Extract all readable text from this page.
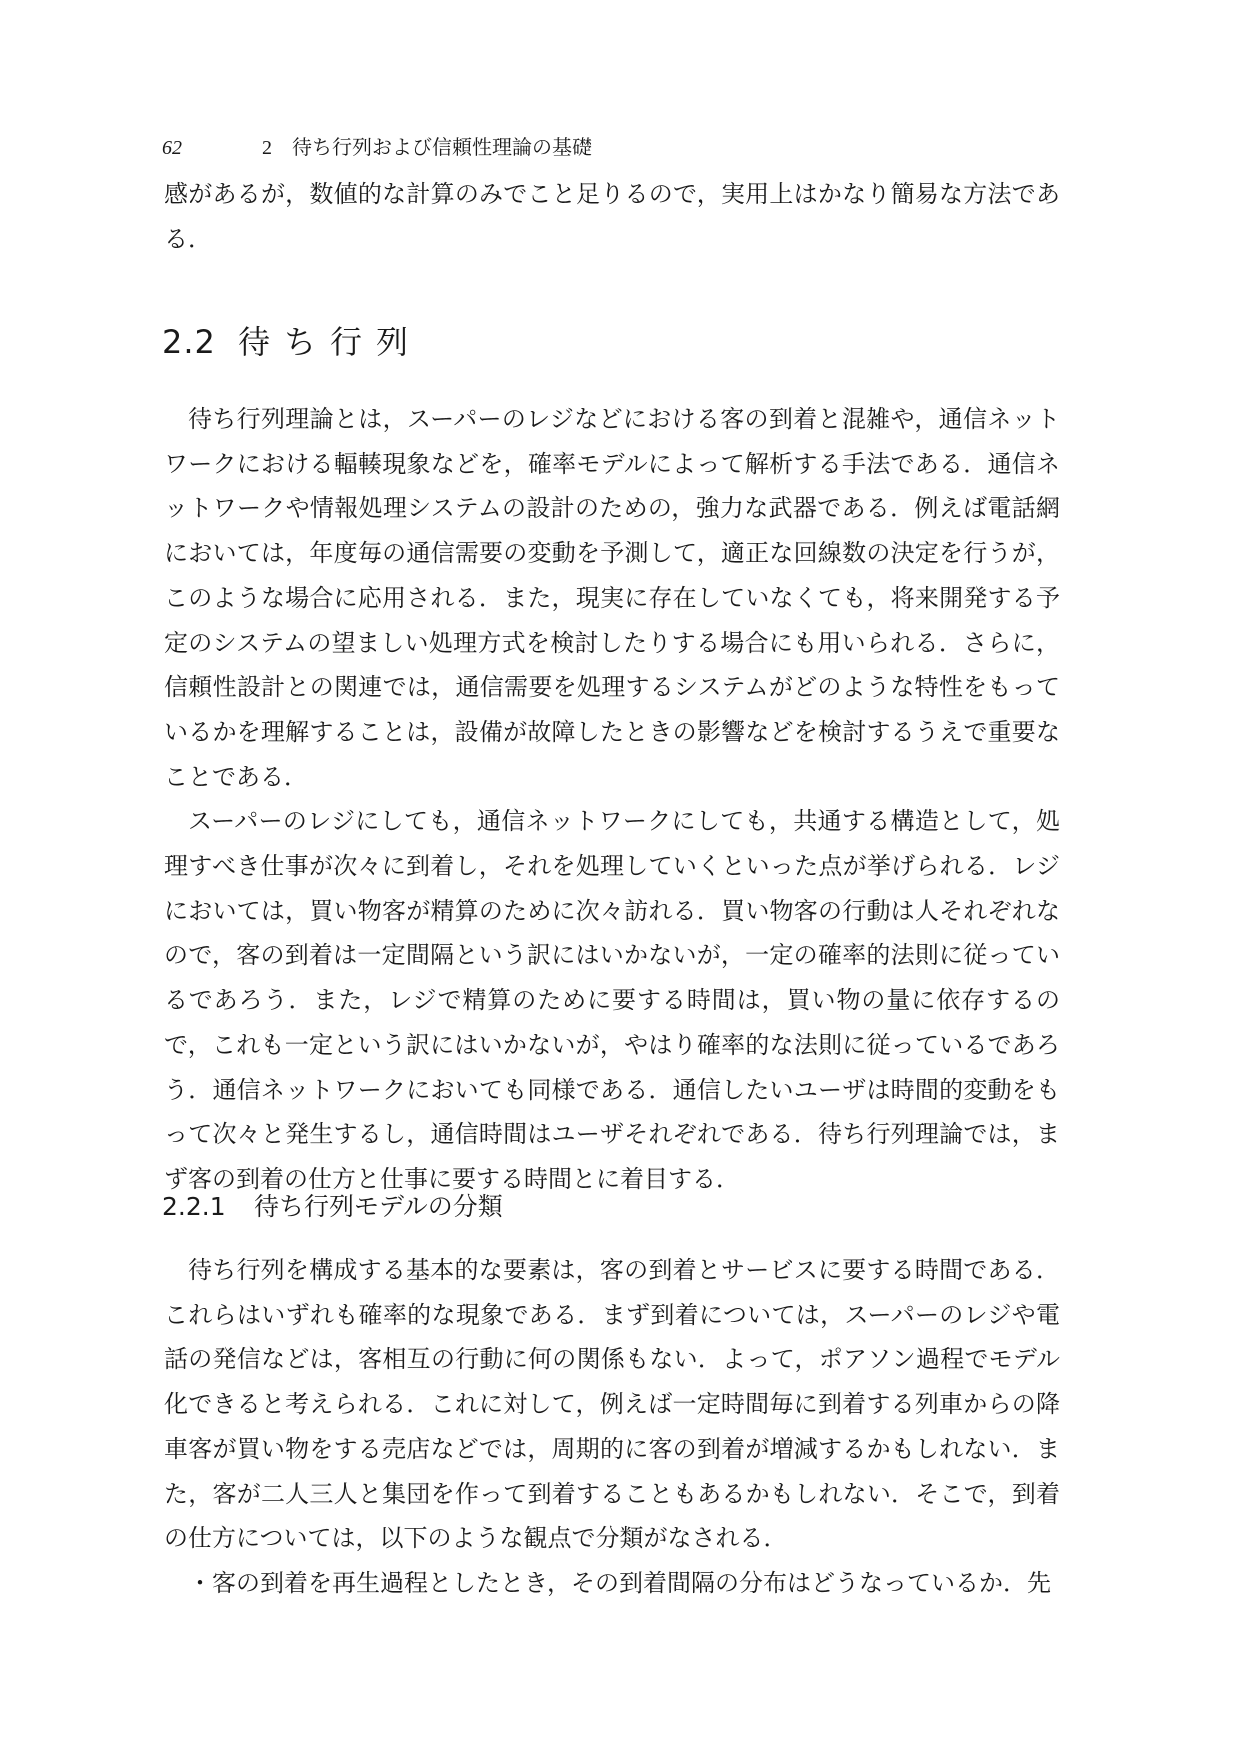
62	2 待ち行列および信頼性理論の基礎

感があるが，数値的な計算のみでこと足りるので，実用上はかなり簡易な方法である．

2.2 待ち行列

待ち行列理論とは，スーパーのレジなどにおける客の到着と混雑や，通信ネットワークにおける輻輳現象などを，確率モデルによって解析する手法である．通信ネットワークや情報処理システムの設計のための，強力な武器である．例えば電話網においては，年度毎の通信需要の変動を予測して，適正な回線数の決定を行うが，このような場合に応用される．また，現実に存在していなくても，将来開発する予定のシステムの望ましい処理方式を検討したりする場合にも用いられる．さらに，信頼性設計との関連では，通信需要を処理するシステムがどのような特性をもっているかを理解することは，設備が故障したときの影響などを検討するうえで重要なことである．

スーパーのレジにしても，通信ネットワークにしても，共通する構造として，処理すべき仕事が次々に到着し，それを処理していくといった点が挙げられる．レジにおいては，買い物客が精算のために次々訪れる．買い物客の行動は人それぞれなので，客の到着は一定間隔という訳にはいかないが，一定の確率的法則に従っているであろう．また，レジで精算のために要する時間は，買い物の量に依存するので，これも一定という訳にはいかないが，やはり確率的な法則に従っているであろう．通信ネットワークにおいても同様である．通信したいユーザは時間的変動をもって次々と発生するし，通信時間はユーザそれぞれである．待ち行列理論では，まず客の到着の仕方と仕事に要する時間とに着目する．

2.2.1 待ち行列モデルの分類

待ち行列を構成する基本的な要素は，客の到着とサービスに要する時間である．これらはいずれも確率的な現象である．まず到着については，スーパーのレジや電話の発信などは，客相互の行動に何の関係もない．よって，ポアソン過程でモデル化できると考えられる．これに対して，例えば一定時間毎に到着する列車からの降車客が買い物をする売店などでは，周期的に客の到着が増減するかもしれない．また，客が二人三人と集団を作って到着することもあるかもしれない．そこで，到着の仕方については，以下のような観点で分類がなされる．

・客の到着を再生過程としたとき，その到着間隔の分布はどうなっているか．先
